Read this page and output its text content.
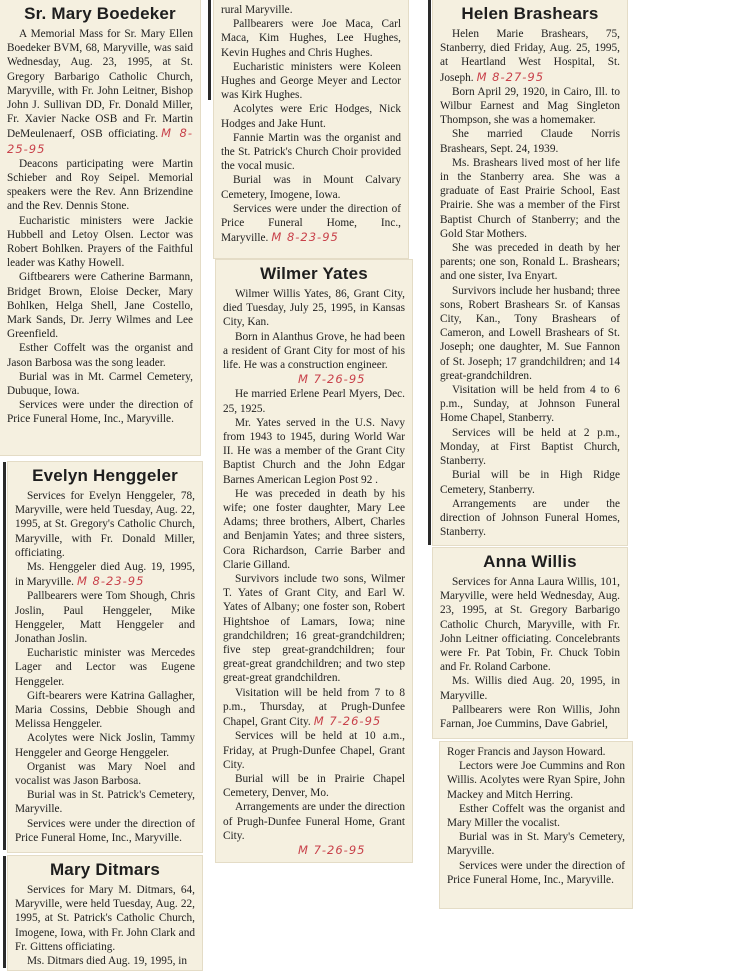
Sr. Mary Boedeker

A Memorial Mass for Sr. Mary Ellen Boedeker BVM, 68, Maryville, was said Wednesday, Aug. 23, 1995, at St. Gregory Barbarigo Catholic Church, Maryville, with Fr. John Leitner, Bishop John J. Sullivan DD, Fr. Donald Miller, Fr. Xavier Nacke OSB and Fr. Martin DeMeulenaerf, OSB officiating. M 8-25-95

Deacons participating were Martin Schieber and Roy Seipel. Memorial speakers were the Rev. Ann Brizendine and the Rev. Dennis Stone.

Eucharistic ministers were Jackie Hubbell and Letoy Olsen. Lector was Robert Bohlken. Prayers of the Faithful leader was Kathy Howell.

Giftbearers were Catherine Barmann, Bridget Brown, Eloise Decker, Mary Bohlken, Helga Shell, Jane Costello, Mark Sands, Dr. Jerry Wilmes and Lee Greenfield.

Esther Coffelt was the organist and Jason Barbosa was the song leader.

Burial was in Mt. Carmel Cemetery, Dubuque, Iowa.

Services were under the direction of Price Funeral Home, Inc., Maryville.

Evelyn Henggeler

Services for Evelyn Henggeler, 78, Maryville, were held Tuesday, Aug. 22, 1995, at St. Gregory's Catholic Church, Maryville, with Fr. Donald Miller, officiating.

Ms. Henggeler died Aug. 19, 1995, in Maryville. M 8-23-95

Pallbearers were Tom Shough, Chris Joslin, Paul Henggeler, Mike Henggeler, Matt Henggeler and Jonathan Joslin.

Eucharistic minister was Mercedes Lager and Lector was Eugene Henggeler.

Gift-bearers were Katrina Gallagher, Maria Cossins, Debbie Shough and Melissa Henggeler.

Acolytes were Nick Joslin, Tammy Henggeler and George Henggeler.

Organist was Mary Noel and vocalist was Jason Barbosa.

Burial was in St. Patrick's Cemetery, Maryville.

Services were under the direction of Price Funeral Home, Inc., Maryville.

Mary Ditmars

Services for Mary M. Ditmars, 64, Maryville, were held Tuesday, Aug. 22, 1995, at St. Patrick's Catholic Church, Imogene, Iowa, with Fr. John Clark and Fr. Gittens officiating.

Ms. Ditmars died Aug. 19, 1995, in

rural Maryville.

Pallbearers were Joe Maca, Carl Maca, Kim Hughes, Lee Hughes, Kevin Hughes and Chris Hughes.

Eucharistic ministers were Koleen Hughes and George Meyer and Lector was Kirk Hughes.

Acolytes were Eric Hodges, Nick Hodges and Jake Hunt.

Fannie Martin was the organist and the St. Patrick's Church Choir provided the vocal music.

Burial was in Mount Calvary Cemetery, Imogene, Iowa.

Services were under the direction of Price Funeral Home, Inc., Maryville. M 8-23-95

Wilmer Yates

Wilmer Willis Yates, 86, Grant City, died Tuesday, July 25, 1995, in Kansas City, Kan.

Born in Alanthus Grove, he had been a resident of Grant City for most of his life. He was a construction engineer.

M 7-26-95

He married Erlene Pearl Myers, Dec. 25, 1925.

Mr. Yates served in the U.S. Navy from 1943 to 1945, during World War II. He was a member of the Grant City Baptist Church and the John Edgar Barnes American Legion Post 92 .

He was preceded in death by his wife; one foster daughter, Mary Lee Adams; three brothers, Albert, Charles and Benjamin Yates; and three sisters, Cora Richardson, Carrie Barber and Clarie Gilland.

Survivors include two sons, Wilmer T. Yates of Grant City, and Earl W. Yates of Albany; one foster son, Robert Hightshoe of Lamars, Iowa; nine grandchildren; 16 great-grandchildren; five step great-grandchildren; four great-great grandchildren; and two step great-great grandchildren.

Visitation will be held from 7 to 8 p.m., Thursday, at Prugh-Dunfee Chapel, Grant City. M 7-26-95

Services will be held at 10 a.m., Friday, at Prugh-Dunfee Chapel, Grant City.

Burial will be in Prairie Chapel Cemetery, Denver, Mo.

Arrangements are under the direction of Prugh-Dunfee Funeral Home, Grant City.

M 7-26-95

Helen Brashears

Helen Marie Brashears, 75, Stanberry, died Friday, Aug. 25, 1995, at Heartland West Hospital, St. Joseph. M 8-27-95

Born April 29, 1920, in Cairo, Ill. to Wilbur Earnest and Mag Singleton Thompson, she was a homemaker.

She married Claude Norris Brashears, Sept. 24, 1939.

Ms. Brashears lived most of her life in the Stanberry area. She was a graduate of East Prairie School, East Prairie. She was a member of the First Baptist Church of Stanberry; and the Gold Star Mothers.

She was preceded in death by her parents; one son, Ronald L. Brashears; and one sister, Iva Enyart.

Survivors include her husband; three sons, Robert Brashears Sr. of Kansas City, Kan., Tony Brashears of Cameron, and Lowell Brashears of St. Joseph; one daughter, M. Sue Fannon of St. Joseph; 17 grandchildren; and 14 great-grandchildren.

Visitation will be held from 4 to 6 p.m., Sunday, at Johnson Funeral Home Chapel, Stanberry.

Services will be held at 2 p.m., Monday, at First Baptist Church, Stanberry.

Burial will be in High Ridge Cemetery, Stanberry.

Arrangements are under the direction of Johnson Funeral Homes, Stanberry.

Anna Willis

Services for Anna Laura Willis, 101, Maryville, were held Wednesday, Aug. 23, 1995, at St. Gregory Barbarigo Catholic Church, Maryville, with Fr. John Leitner officiating. Concelebrants were Fr. Pat Tobin, Fr. Chuck Tobin and Fr. Roland Carbone.

Ms. Willis died Aug. 20, 1995, in Maryville.

Pallbearers were Ron Willis, John Farnan, Joe Cummins, Dave Gabriel,

Roger Francis and Jayson Howard.

Lectors were Joe Cummins and Ron Willis. Acolytes were Ryan Spire, John Mackey and Mitch Herring.

Esther Coffelt was the organist and Mary Miller the vocalist.

Burial was in St. Mary's Cemetery, Maryville.

Services were under the direction of Price Funeral Home, Inc., Maryville.
